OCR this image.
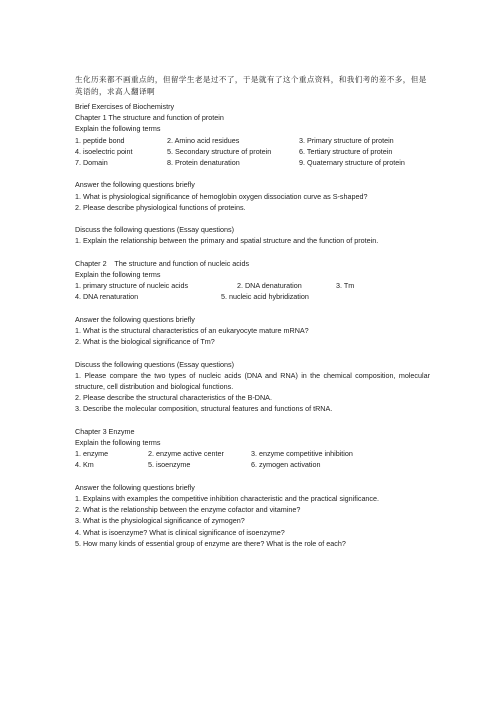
生化历来都不画重点的，但留学生老是过不了，于是就有了这个重点资料，和我们考的差不多，但是英语的，求高人翻译啊
Brief Exercises of Biochemistry
Chapter 1 The structure and function of protein
Explain the following terms
1. peptide bond	2. Amino acid residues	3. Primary structure of protein
4. isoelectric point	5. Secondary structure of protein	6. Tertiary structure of protein
7. Domain	8. Protein denaturation	9. Quaternary structure of protein
Answer the following questions briefly
1. What is physiological significance of hemoglobin oxygen dissociation curve as S-shaped?
2. Please describe physiological functions of proteins.
Discuss the following questions (Essay questions)
1. Explain the relationship between the primary and spatial structure and the function of protein.
Chapter 2    The structure and function of nucleic acids
Explain the following terms
1. primary structure of nucleic acids	2. DNA denaturation	3. Tm
4. DNA renaturation	5. nucleic acid hybridization
Answer the following questions briefly
1. What is the structural characteristics of an eukaryocyte mature mRNA?
2. What is the biological significance of Tm?
Discuss the following questions (Essay questions)
1. Please compare the two types of nucleic acids (DNA and RNA) in the chemical composition, molecular structure, cell distribution and biological functions.
2. Please describe the structural characteristics of the B-DNA.
3. Describe the molecular composition, structural features and functions of tRNA.
Chapter 3 Enzyme
Explain the following terms
1. enzyme	2. enzyme active center	3. enzyme competitive inhibition
4. Km	5. isoenzyme	6. zymogen activation
Answer the following questions briefly
1. Explains with examples the competitive inhibition characteristic and the practical significance.
2. What is the relationship between the enzyme cofactor and vitamine?
3. What is the physiological significance of zymogen?
4. What is isoenzyme? What is clinical significance of isoenzyme?
5. How many kinds of essential group of enzyme are there? What is the role of each?
